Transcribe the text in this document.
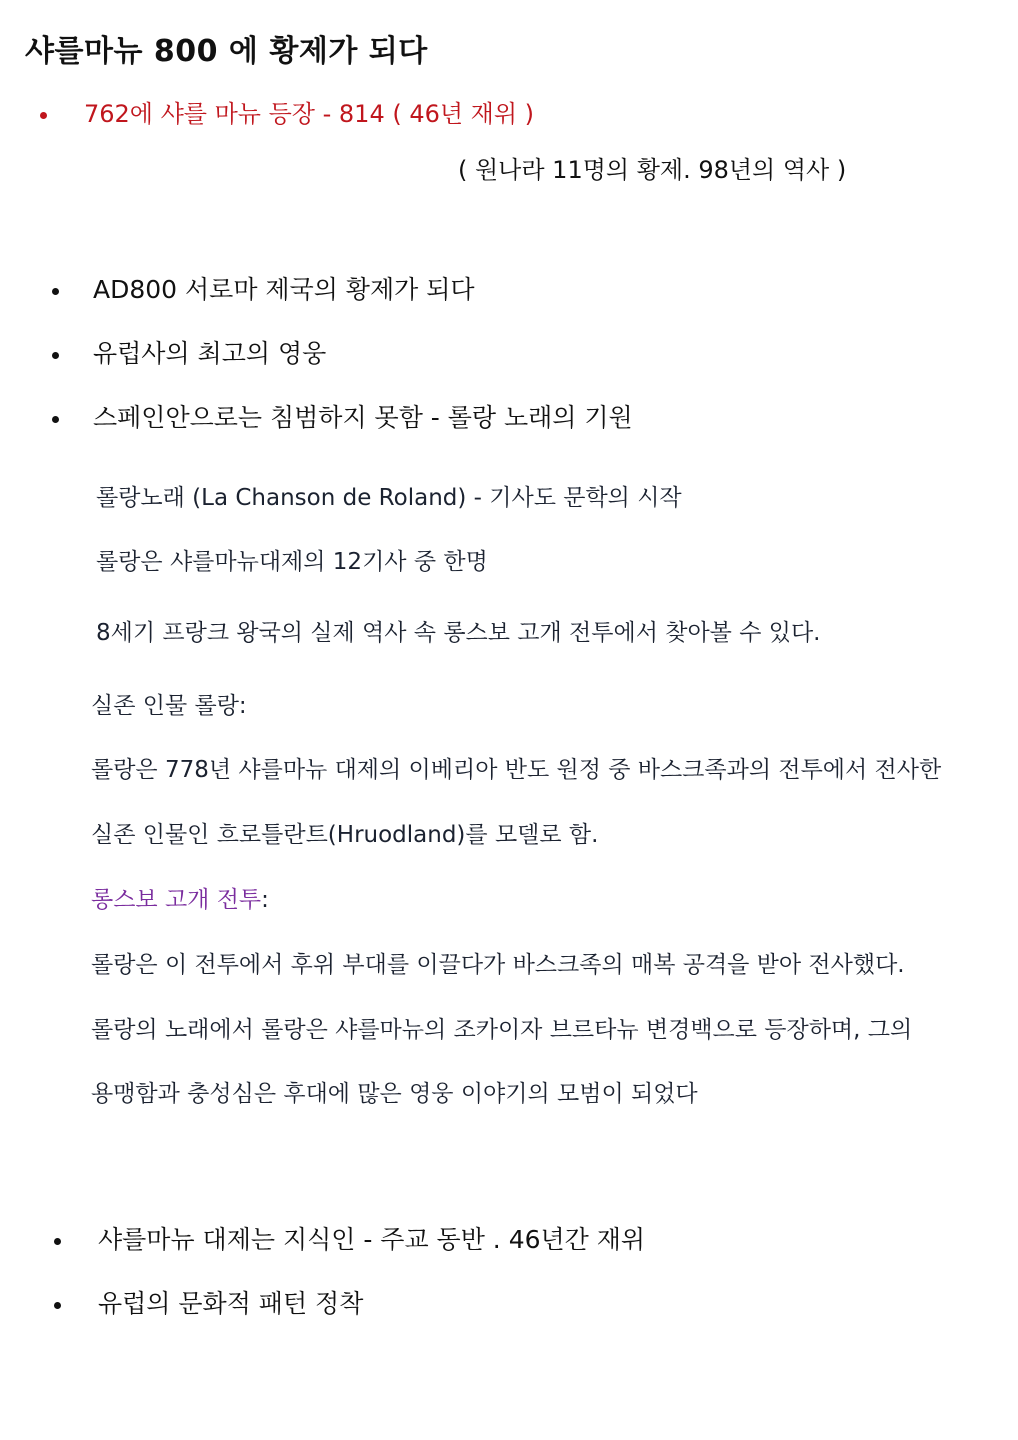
샤를마뉴 800 에 황제가 되다
762에 샤를 마뉴 등장 - 814 ( 46년 재위 )
( 원나라 11명의 황제. 98년의 역사 )
AD800 서로마 제국의 황제가 되다
유럽사의 최고의 영웅
스페인안으로는 침범하지 못함 - 롤랑 노래의 기원
롤랑노래 (La Chanson de Roland) - 기사도 문학의 시작
롤랑은 샤를마뉴대제의 12기사 중 한명
8세기 프랑크 왕국의 실제 역사 속 롱스보 고개 전투에서 찾아볼 수 있다.
실존 인물 롤랑:
롤랑은 778년 샤를마뉴 대제의 이베리아 반도 원정 중 바스크족과의 전투에서 전사한
실존 인물인 흐로틀란트(Hruodland)를 모델로 함.
롱스보 고개 전투:
롤랑은 이 전투에서 후위 부대를 이끌다가 바스크족의 매복 공격을 받아 전사했다.
롤랑의 노래에서 롤랑은 샤를마뉴의 조카이자 브르타뉴 변경백으로 등장하며, 그의
용맹함과 충성심은 후대에 많은 영웅 이야기의 모범이 되었다
샤를마뉴 대제는 지식인 - 주교 동반 . 46년간 재위
유럽의 문화적 패턴 정착
